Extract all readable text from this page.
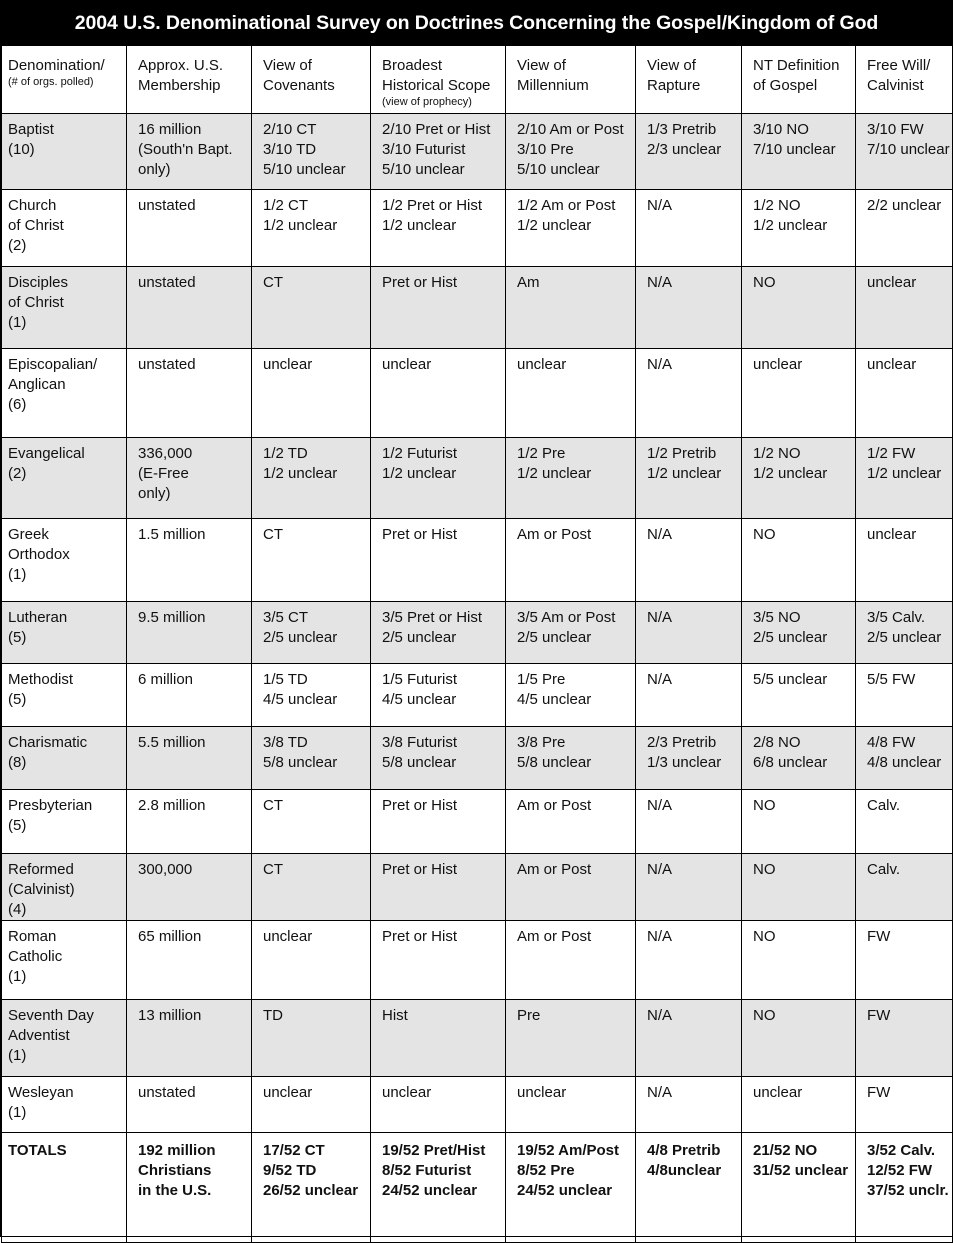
2004 U.S. Denominational Survey on Doctrines Concerning the Gospel/Kingdom of God
Denomination/
(# of orgs. polled)	Approx. U.S.
Membership	View of
Covenants	Broadest
Historical Scope
(view of prophecy)	View of
Millennium	View of
Rapture	NT Definition
of Gospel	Free Will/
Calvinist

Baptist
(10)	16 million
(South'n Bapt.
only)	2/10 CT
3/10 TD
5/10 unclear	2/10 Pret or Hist
3/10 Futurist
5/10 unclear	2/10 Am or Post
3/10 Pre
5/10 unclear	1/3 Pretrib
2/3 unclear	3/10 NO
7/10 unclear	3/10 FW
7/10 unclear

Church
of Christ
(2)	unstated	1/2 CT
1/2 unclear	1/2 Pret or Hist
1/2 unclear	1/2 Am or Post
1/2 unclear	N/A	1/2 NO
1/2 unclear	2/2 unclear

Disciples
of Christ
(1)	unstated	CT	Pret or Hist	Am	N/A	NO	unclear

Episcopalian/
Anglican
(6)	unstated	unclear	unclear	unclear	N/A	unclear	unclear

Evangelical
(2)	336,000
(E-Free
only)	1/2 TD
1/2 unclear	1/2 Futurist
1/2 unclear	1/2 Pre
1/2 unclear	1/2 Pretrib
1/2 unclear	1/2 NO
1/2 unclear	1/2 FW
1/2 unclear

Greek
Orthodox
(1)	1.5 million	CT	Pret or Hist	Am or Post	N/A	NO	unclear

Lutheran
(5)	9.5 million	3/5 CT
2/5 unclear	3/5 Pret or Hist
2/5 unclear	3/5 Am or Post
2/5 unclear	N/A	3/5 NO
2/5 unclear	3/5 Calv.
2/5 unclear

Methodist
(5)	6 million	1/5 TD
4/5 unclear	1/5 Futurist
4/5 unclear	1/5 Pre
4/5 unclear	N/A	5/5 unclear	5/5 FW

Charismatic
(8)	5.5 million	3/8 TD
5/8 unclear	3/8 Futurist
5/8 unclear	3/8 Pre
5/8 unclear	2/3 Pretrib
1/3 unclear	2/8 NO
6/8 unclear	4/8 FW
4/8 unclear

Presbyterian
(5)	2.8 million	CT	Pret or Hist	Am or Post	N/A	NO	Calv.

Reformed
(Calvinist)
(4)	300,000	CT	Pret or Hist	Am or Post	N/A	NO	Calv.

Roman
Catholic
(1)	65 million	unclear	Pret or Hist	Am or Post	N/A	NO	FW

Seventh Day
Adventist
(1)	13 million	TD	Hist	Pre	N/A	NO	FW

Wesleyan
(1)	unstated	unclear	unclear	unclear	N/A	unclear	FW

TOTALS	192 million
Christians
in the U.S.	17/52 CT
9/52 TD
26/52 unclear	19/52 Pret/Hist
8/52 Futurist
24/52 unclear	19/52 Am/Post
8/52 Pre
24/52 unclear	4/8 Pretrib
4/8unclear	21/52 NO
31/52 unclear	3/52 Calv.
12/52 FW
37/52 unclr.
